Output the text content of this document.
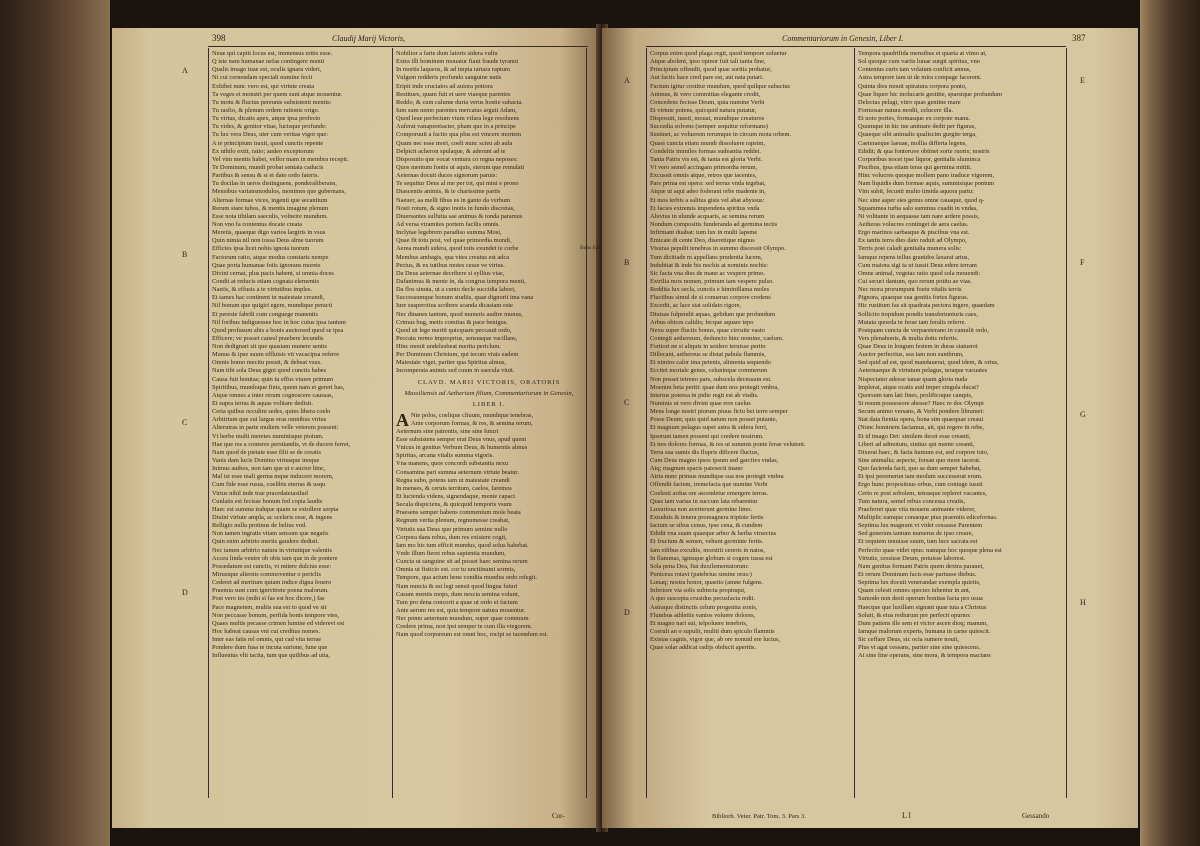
398	Claudij Marij Victoris,
A
B
C
D
Neue qui capiti locus est, immensus eritis esse.
Q iste nam humanae nefas contingere menti
Qualis imago tuae est, oculis ignara videri,
Ni cui cernendam speciali numine fecit
Exhibet nunc vero est, qui virtute creata
Ta veges et monstri per quem sunt atque mouentur.
Tu motu & fluctus pereunis subsistenti mentis:
Tu rasfio, & plenum ordem rationis origo.
Tu virtus, dicatis apex, atque ipsa profecto
Tu vides, & genitor vitae, lucisque profunde:
Tu lux vera Deus, uter cum veritas vigor que:
A te principium traxit, quod cunctis repente
Ex nihilo extit, ratio; audeo exceptorum
Vel vim mentis habet, velfor mam in membra recepit.
Te Dominum, mundi probat sentata caducis
Partibus & sensu & si et dato ordo fateris.
Tu docilas in ueros distinguens, ponderaliberans,
Mensibus variansmodulos, monimes que gubernans,
Alternas formae vices, ingenii que secantium
Rerum stare tubos, & mentis imagine plenum
Esse nota tibilam saeculis, volneire mundum.
Non vno fa contentus docate creata
Meretis, quaeque digo varios largiris in vsus
Quin nimia nil non tossa Deus alme tuorum
Efficies ipsa licet nobis ignota tuorum
Factorum ratio, atque modus constaris nempe
Quae porta humanae foiis ignorans morets
Divini cernat, plus pacis habent, si omnia doces
Condit at reducis etiam cognata elementis
Naetis, & effusis a te virtutibus imples.
Et tames hac continent in maiestate creandi,
Nil bonum que quigiri egere, mundique peracti
Et pereste fabrili cum conguege manentis
Nil foribus indiguessee hoc in hoc cuius ipsa tantum
Quod profusum abis a bonis auctorsed quod se ipsa
Efficere; ve posset canesl praebere lecundis
Non dedignari sit que quasiam munere sentis
Munus & ipse suum effluisis vti vacacipsa referre
Omnis homo mecitu possit, & debeat vsus.
Nam tibi sola Deus gigni quod cunctis habes
Causa fuit bonitas; quin tu effus viuere primum
Spiritibus, mundoque finis, quem nam et gereri bas,
Atque omnes a inter rerum cognoscere caussas,
Et supra terras & aquas volitare dedisti.
Certa quibus occulim sedes, quies libera coelo
Arbitrium que sui largus eras omnibus virtus
Alterutras in parte multem velle veterem possent:
Vt herbe multi meretes numinisque piotum.
Hae que res a conteres perstiandis, vt de ducere ferret,
Nam quod de pietate esse filii se de creatis
Vanis dam lucis Domino virtusque inoque
Inimus authos, non tam que ut e auctor hinc,
Mal ist esse mali germa mque inducere morem,
Cum fide esse rusus, coelibis eterras & usqu
Virtus nihil inde trae pracedatetasilud
Cunlatis est fecisse bonum fed copia laudis
Haec est summa trahque quam se extollere serpta
Diuini virtute ampla, ac sceleris esse, & ingens
Relligio nulla protinus de belius vod.
Non tamen ingratis vitam sensum que negatis
Quin enim arbitrio merits gaudere dedisti.
Nec tamen arbitrio natura in virtutique valentis
Acceu linda venire ob obis tam que in de pontere
Possedatum est cunctis, vt mitere dulcius esse:
Mirusique alternis commoventur o periclis
Cederet ad meritum quiam indice digna feuero
Praemia sunt cum ignivitrete poena malorum.
Post vero ies (mihi si fas est hoc dicere,) fas
Pace magnetem, multis sua est to quod ve sit
Non peccasse bonum, perfida bonis tempore vtes,
Quaes multis pecasse crimen lumine ed viderevi est
Hoc habeat causas vni cui creditus nomes.
Inter eas fatis rel omnis, qui cad vita terrae
Pondere dum fusa te incuta surione, fune que
Influentus vlti tacita, tum que quilibus ad uita,
Nobilior a farie dum latoris sidera vultu
Extra illi hominem mouatur fiant fraude tyranni
In mortis laqueos, & ad impia tartara raptum
Vulgem redderis profundo sanguine natis
Eripit inde cruciatos ad auiora potiora
Restitues, quam fuit et uere viaeque parentes
Reddo, & cum calume duria verus hostie subacta.
Ium sum nemo parentes mercatus arguit Adam,
Quod leue perfectum vtum vifara lege resoluens
Auferat vanapereiacter, pham que in a principe
Comporuuit a facito qua plus est vincere mortem
Quam nec esse mori, coeli nunc scieu ab aula
Delpicit acheron spulaque, & aderunt ad te
Disposuito que vocat ventura co regna neposes:
Quos mentum fontis ut aquis, sterum que remulati
Aeternas docuit duces signorum paruis:
Te sequitur Deus al me per tot, qui mini e prono
Diascentis animis, & te charissime partis
Naeuer, aa melli fibus es in ganto da verbum
Nosti rotum, & signo inotis in fundo discretas,
Diuersantes sulfutia sae animus & tonda paramus
Ad versa vtramites portem facilis omnis.
Inclytae legebrem paradiso summa Mosi,
Quae fit totu post, vel quae primordia mundi,
Aerea mundi sidera, quod totis exundet te corbe
Membus ambagis, qua vites creatus est adca
Pectus, & ex tutibus motes cesse ve virtus.
Da Deus aeternae decribere si syllius viae,
Dafanimus & mente in, da congrus tempora menti,
Da flos sinuta, ut a cunto decle succidia labori,
Successumque bonum studiis, quae dignorit ima vana
Iure susperctius scribere scanda dicasiam este
Nec dinanes tantum, quod muneris audire munus,
Crimus bug, metis comitus & pace benigus.
Quod sit lege meriti quicquam peccauit ordo,
Peccatu rermo improprius, sensusque vacillans,
Hinc mouit undelsubeat merita periclum.
Per Dominum Christum, qui tecum viuis eadem
Maiestate viget, pariter qua Spiritus almus,
Incomperata animis sed cuum in saecula viuit.
CLAVD. MARII VICTORIS, ORATORIS
Massiliensis ad Aetherium filium, Commentariorum in Genesin,
LIBER I.
A Nte polos, coelique cliuum, mundique tenebras,
Ante corporum formas, & res, & semina rerum,
Aeternum sine patrentis, sine sine futuri
Esse subsistens semper erat Deus vnus, apud quem
Vnicus in genitus Verbum Deus, & humentis almus
Spiritus, arcana vitalis summa vigoris.
Vna manens, quos concordi substantia nexu
Consamina pari summa aeternum virtute beatur.
Regna subo, potens iam ut maiestate creandi
In menses, & ceruis territum, caelos, faretnos
Et lucienda videns, signendaque, mente capaci
Secula dispiciens, & quicquid temporis vsum
Praesens semper habens commentum mole beata
Regnum verita plenum, regnumesse creabat,
Virtutis sua Deus quo primum semine nullo
Corpora dans rebus, dum res existere cogit,
Iam mo his tum efficit mundus, quod solus habebat.
Vnde illum fieret rebus sapientia mundum,
Cuncta ut sanguine sit ad posset haec semina rerum
Omnia ut fisticio est. cor tu unctiinumi sormis,
Tempore, qua actum bene condita mundus ordo relegit.
Nam nuncia & est legi sensit quod lingua futuri
Casum mentis mops, dum nescia semina volunt,
Tum pro dena concorti a quae ut ordo et factum
Ante aerum res est, quia tempore natura mouentur.
Nec ponto aeternum mundum, super quae commum
Credere prima, non ipsi semper te cum illa viegorem.
Nam quod corporeum est omni hoc, rocipi se tacendum est.
Cor-
Commentariorum in Genesin, Liber I.	387
A
B
C
D
E
F
G
H
Corpus enim quod plaga regit, quod tempore soluetur
Atque abolent, ipso opinor fuit tali tanta fine,
Principium offendit, quod quae soritis probatur,
Aut factis hace cred pare est, aut nata putari.
Factum igitur costitur mundum, quod quilque subactus
Animus, & vero committas elegante credit,
Concedens fecisse Deum, quia numine Verbi
Et virtute potens, quicquid natura putatur,
Disposuit, tussit, mouat, mundique creaturos
Succedia solvens (semper sequitur reformans)
Sustinet, ac voluerem rerumque in circum mota orbem.
Quasi cuncta etiam mundi dissoluere rapsim,
Condeltis immiles formas sudeantia reddet.
Tanta Patris vis est, & tanta est gloria Verbi.
Vt vero semel accingam primordia rerum,
Excussit omnis atque, retros que iacentes,
Pars prima est opera: sed terrus vnda tegebat,
Atque ut aqui adeo foderant orbe madente in,
Et mos terbis a salitus gisis vel abat abyssus:
Et facies extremis impendens spiritus vnda
Aluvius in ulunde acquaris, ac semina rerum
Nondum compositis funderanda ad germina tectis
Infirmant duabat: tum lux in multi lapsme
Emicate di cente Deo, diseretique nignus
Visuras pepulit tenebras in summo discessit Olympo.
Tum dicitiade m appellans prudentia lucem,
Indubitat & inde bis nochis at nominis nochis:
Sic facta vna dies de mane ac vespere primo.
Extrilia mox nomen, primum tam vespere pulso.
Reddita lux secla, cunctis e himinillama moles
Fluctibus simul de si conueruo corpore credens
Excedit, ac lace stat solidato rigore,
Diuisas fulpendit aquas, gelidum que profundum
Arbus obices calidis; fecque aquare tepo
Nexu super fluctis bonus, quae circuite vasto
Contegit aethereum, deduncio hinc nomine, caelum.
Fortiori ne si aliquis in seidere teruisse perito
Dillecant, aethereus se distat pabula flammis,
Et nimios calor ima petenis, alimenta sequendo
Eccitet mortale genus, celuninque commerum
Non posset tetreno pars, subscela decessum est.
Moenim beta periti: quae dum nos protegit vmbra,
Intertus poterea in pidie regit est ab visdis.
Numinis ut vero divini quae erre caelus
Mens longe nostri piorum piuus fictu bei terre semper
Posse Deum; quis quid natum non posset putante,
Et magnum pelagus super astra & sidera ferri,
Ipsorum tamen possent qui credere nostrum.
Et tres dolores formas, & res ut summis ponte ferae velutent.
Terra sua sumis dis flupris dificere fluctus,
Cum Deus magno ipsos ipsum sed garcitvs vndas,
Atq; magnum spacis patesecit inane:
Atria nunc primus mundique sua nos protegit vmbra
Offendit faciem, tremefacta que numine Verbi
Coelesti ardua ore ascendetur emergere terras.
Quas tam varias in succum lata rebarentur
Luxuriosa non averterunt germine limo.
Extuduis & tenera promagnera triptote fertis
Iactum se sibus cenus, ipse cena, & cundem
Edidit vna suam quaeque arbor & herba virsectus
Et fructum & semen, vehunt germinte fertis.
Iam etlibus excultis, morstiti cereris in natos,
In flammas, ignisque globum si cogere tussa est
Sola pena Dea, fiat duxilementatorum:
Puniceus rotavi (patebrius simine orus:)
Lunaq; nostra honor, quaeito (amne fulgens.
Inferiore via solis subiecta propinqui,
A quo suscepta crusidus pecusfacta redit.
Astraque distinctis celum progenita zonis,
Flumbus athletiis vanios voluere dolores,
Et magno nari sui, telpoluere tenebris,
Coeruli an o supulit, muliti dum spiculo flammis
Existas cagnis, vigor que, ab ore nonuid ere lucius,
Quae solar addicat radijs obducit aperitis.
Tempora quadrifida mensibus et quarta at vimo at,
Sol quoque cum variis lunae surgit spiritus, vno
Contentus curis tam volatum conficit annus,
Astra tempore tam ut de mira compage facerent.
Quinta dies mouit spiratura corpora ponto,
Quae liquor hic molucaris gestitie, sparsique profundum
Delectas pelagi, vitro quas gentine mare
Formosae natura modit, celucere illa.
Et uoto pories, formasque ex corpore manu.
Quumque in hic tue animare dedit per figuras,
Quaeque sibi animalis qualiscim gurgite terga,
Caeteraeque laeuae, mollia differta legens,
Edidit; & qua fontoruve obtinet sorte ruoris; nostris
Corporibus nocet ipse liquor, genitalis sluminca
Piscibus, ipsa etiam teras qui germina mittit.
Hinc volucres quoque mollem pano traduce vigorem,
Nam liquidis dum formae aquis, summisique pontum
Vim subit, fecunti multo timida aquora partu:
Nec sine asper sies genus omne cauaque, quod q-
Squammea turba salo summus cuadit in vndas,
Ni volitante in aequasse tam nare ardere possis,
Aetheras volucres continget de aera caelus.
Ergo marinos sarbasque & piscibus vna est.
Ex tantis terra dies dato raduit ad Olympo,
Terris post caladi genitalia munera solis:
Iamque repens tellus granidos laxarat artus,
Cum maiora sigi ta ut iussit Deus edere terram
Omne animal, vegetas ratio quod sola mouendi:
Cui securi dantum, quo rerum potitu ae vias.
Nec mora prorumpunt foetu vitalis terris
Pignora, quaeque sua genitis fortes figuras.
Hic rustitum fas sit quadrata pectora ingere, quaedam
Sollicito trepidum pondis transfertunturis caes,
Mutata quoeda in ferae tam feralis referre.
Postquam cuncta de verpaesterano in cumulit ordo,
Vers plenabonis, & multa dotis refertis.
Quae Deus in longum festem in duras statueret
Auctor perfectius, sea iam non suntbrum,
Sed quid ad est, quod mandauerat, quod idem, & ortus,
Aeternaeque & virtutum pelagus, teraque vacuates
Nispectator adesse tanae quam gloria nuda
Implerat, atque ocatis aud imper singula ducat?
Quorsum tam lati fines, prolificoque campis,
Si resum possessore abesse? Haec re doc Olympi
Secum animo versans, & Verbi pondere libramet:
Stat data fientia opera, bona sim quaequae creaui
(Nunc hominem faciamus, ait, qui regere in orbe,
Et id imago Dei: similem decet esse creanti,
Liberi ad admotum, sinitus qui mente creanti,
Dixerat haec, & facta humum est, sed corpore toto,
Sine animalia; aspecte, forsan quo more iacerat.
Quo facienda facit, quo sa dum semper habebat,
Et ipsi peremerun iam modum successerat erum.
Ergo hunc proposituus orbus, cum coniuge iussit
Certo re post sobolem, tetrasque repleret vacantes,
Tum natura, semel rebus concessa creatis,
Praeferret quae vita mouens animante viderer,
Multiplic eamque conaeque pius praemiis edicefornas.
Septima lux magnum vt videt cessasse Parentem
Sed generum tantum numerus de ipso creare,
Et requiem tenuisse suum, tum luce sacrata est
Perfectio quae videt opus: namque hoc quoque plena est
Virtutis, cessisse Deum, potuisse laborest.
Nam genitus formant Patris quem dextra parauet,
Et rerum Dominum facis esse partusse diebus.
Septima lux docuit venerandae exempla quietis,
Quam celesti omnes species iubentur in ant,
Sumodo non desit operum bonitas facta pro usua
Haecque que luxillam signant quae tuta a Christus
Soluit, & eius rediurum pre perfecit opurno:
Dum patiens ille sem et victor ascen dioq; manum,
Iamque malorum experts, humana in carne quiescit.
Sic ceffare Deus, sic ocia sumere nouit,
Plus vt agat cessans, pariter sine sine quiescens.
At sine fine operans, sine mora, & tempora mactans
Bibliorh. Veter. Patr. Tom. 3. Pars 3.	L l	Gessando
Bons fuit.
